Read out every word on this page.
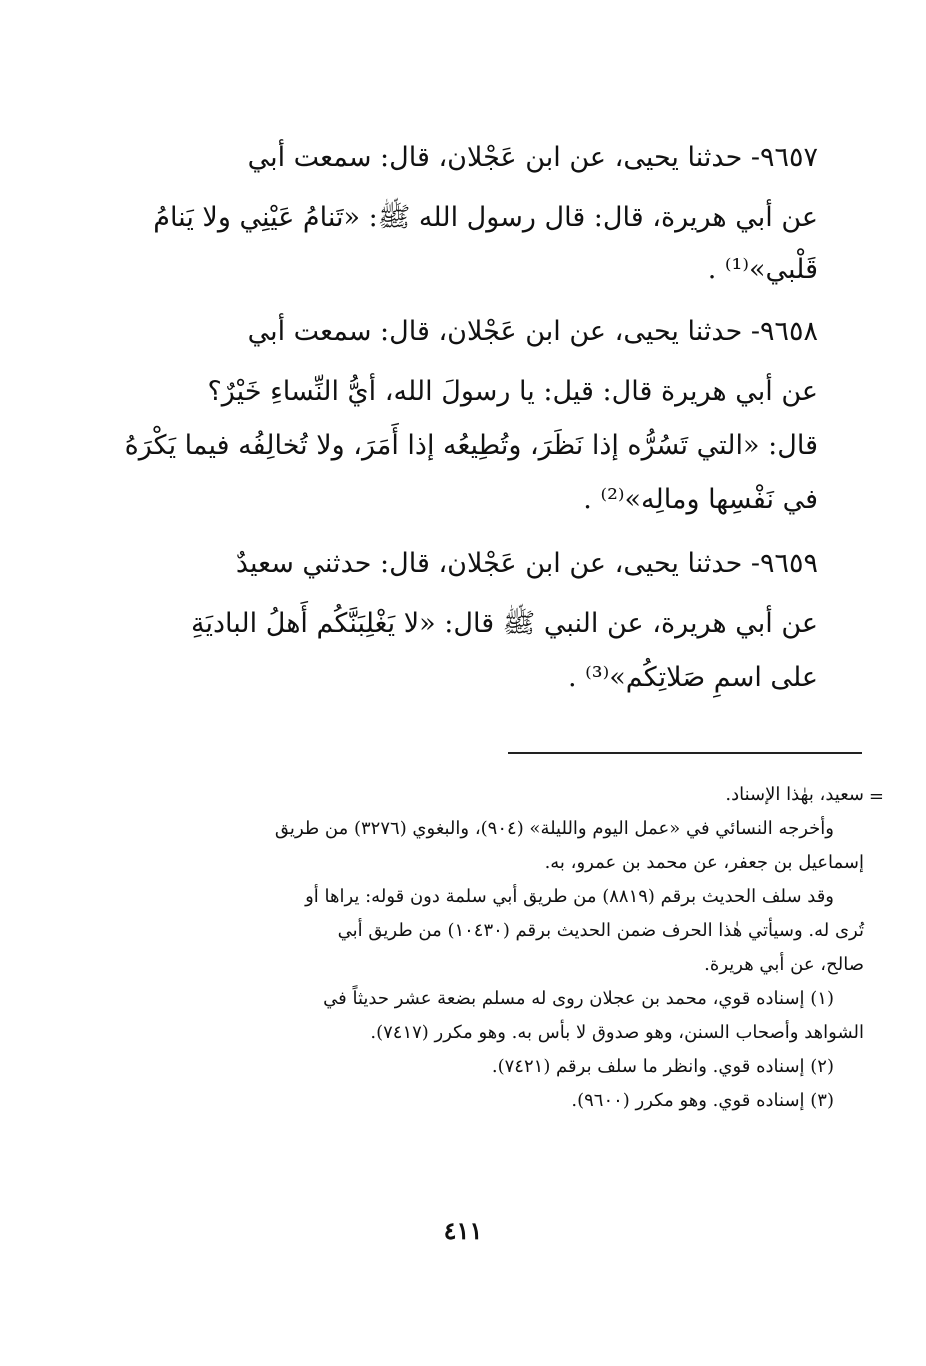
٩٦٥٧- حدثنا يحيى، عن ابن عَجْلان، قال: سمعت أبي
عن أبي هريرة، قال: قال رسول الله ﷺ: «تَنامُ عَيْنِي ولا يَنامُ
قَلْبي»⁽¹⁾ .
٩٦٥٨- حدثنا يحيى، عن ابن عَجْلان، قال: سمعت أبي
عن أبي هريرة قال: قيل: يا رسولَ الله، أيُّ النِّساءِ خَيْرٌ؟
قال: «التي تَسُرُّه إذا نَظَرَ، وتُطِيعُه إذا أَمَرَ، ولا تُخالِفُه فيما يَكْرَهُ
في نَفْسِها ومالِه»⁽²⁾ .
٩٦٥٩- حدثنا يحيى، عن ابن عَجْلان، قال: حدثني سعيدٌ
عن أبي هريرة، عن النبي ﷺ قال: «لا يَغْلِبَنَّكُم أَهلُ الباديَةِ
على اسمِ صَلاتِكُم»⁽³⁾ .
=
سعيد، بهٰذا الإسناد.
وأخرجه النسائي في «عمل اليوم والليلة» (٩٠٤)، والبغوي (٣٢٧٦) من طريق
إسماعيل بن جعفر، عن محمد بن عمرو، به.
وقد سلف الحديث برقم (٨٨١٩) من طريق أبي سلمة دون قوله: يراها أو
تُرى له. وسيأتي هٰذا الحرف ضمن الحديث برقم (١٠٤٣٠) من طريق أبي
صالح، عن أبي هريرة.
(١) إسناده قوي، محمد بن عجلان روى له مسلم بضعة عشر حديثاً في
الشواهد وأصحاب السنن، وهو صدوق لا بأس به. وهو مكرر (٧٤١٧).
(٢) إسناده قوي. وانظر ما سلف برقم (٧٤٢١).
(٣) إسناده قوي. وهو مكرر (٩٦٠٠).
٤١١
